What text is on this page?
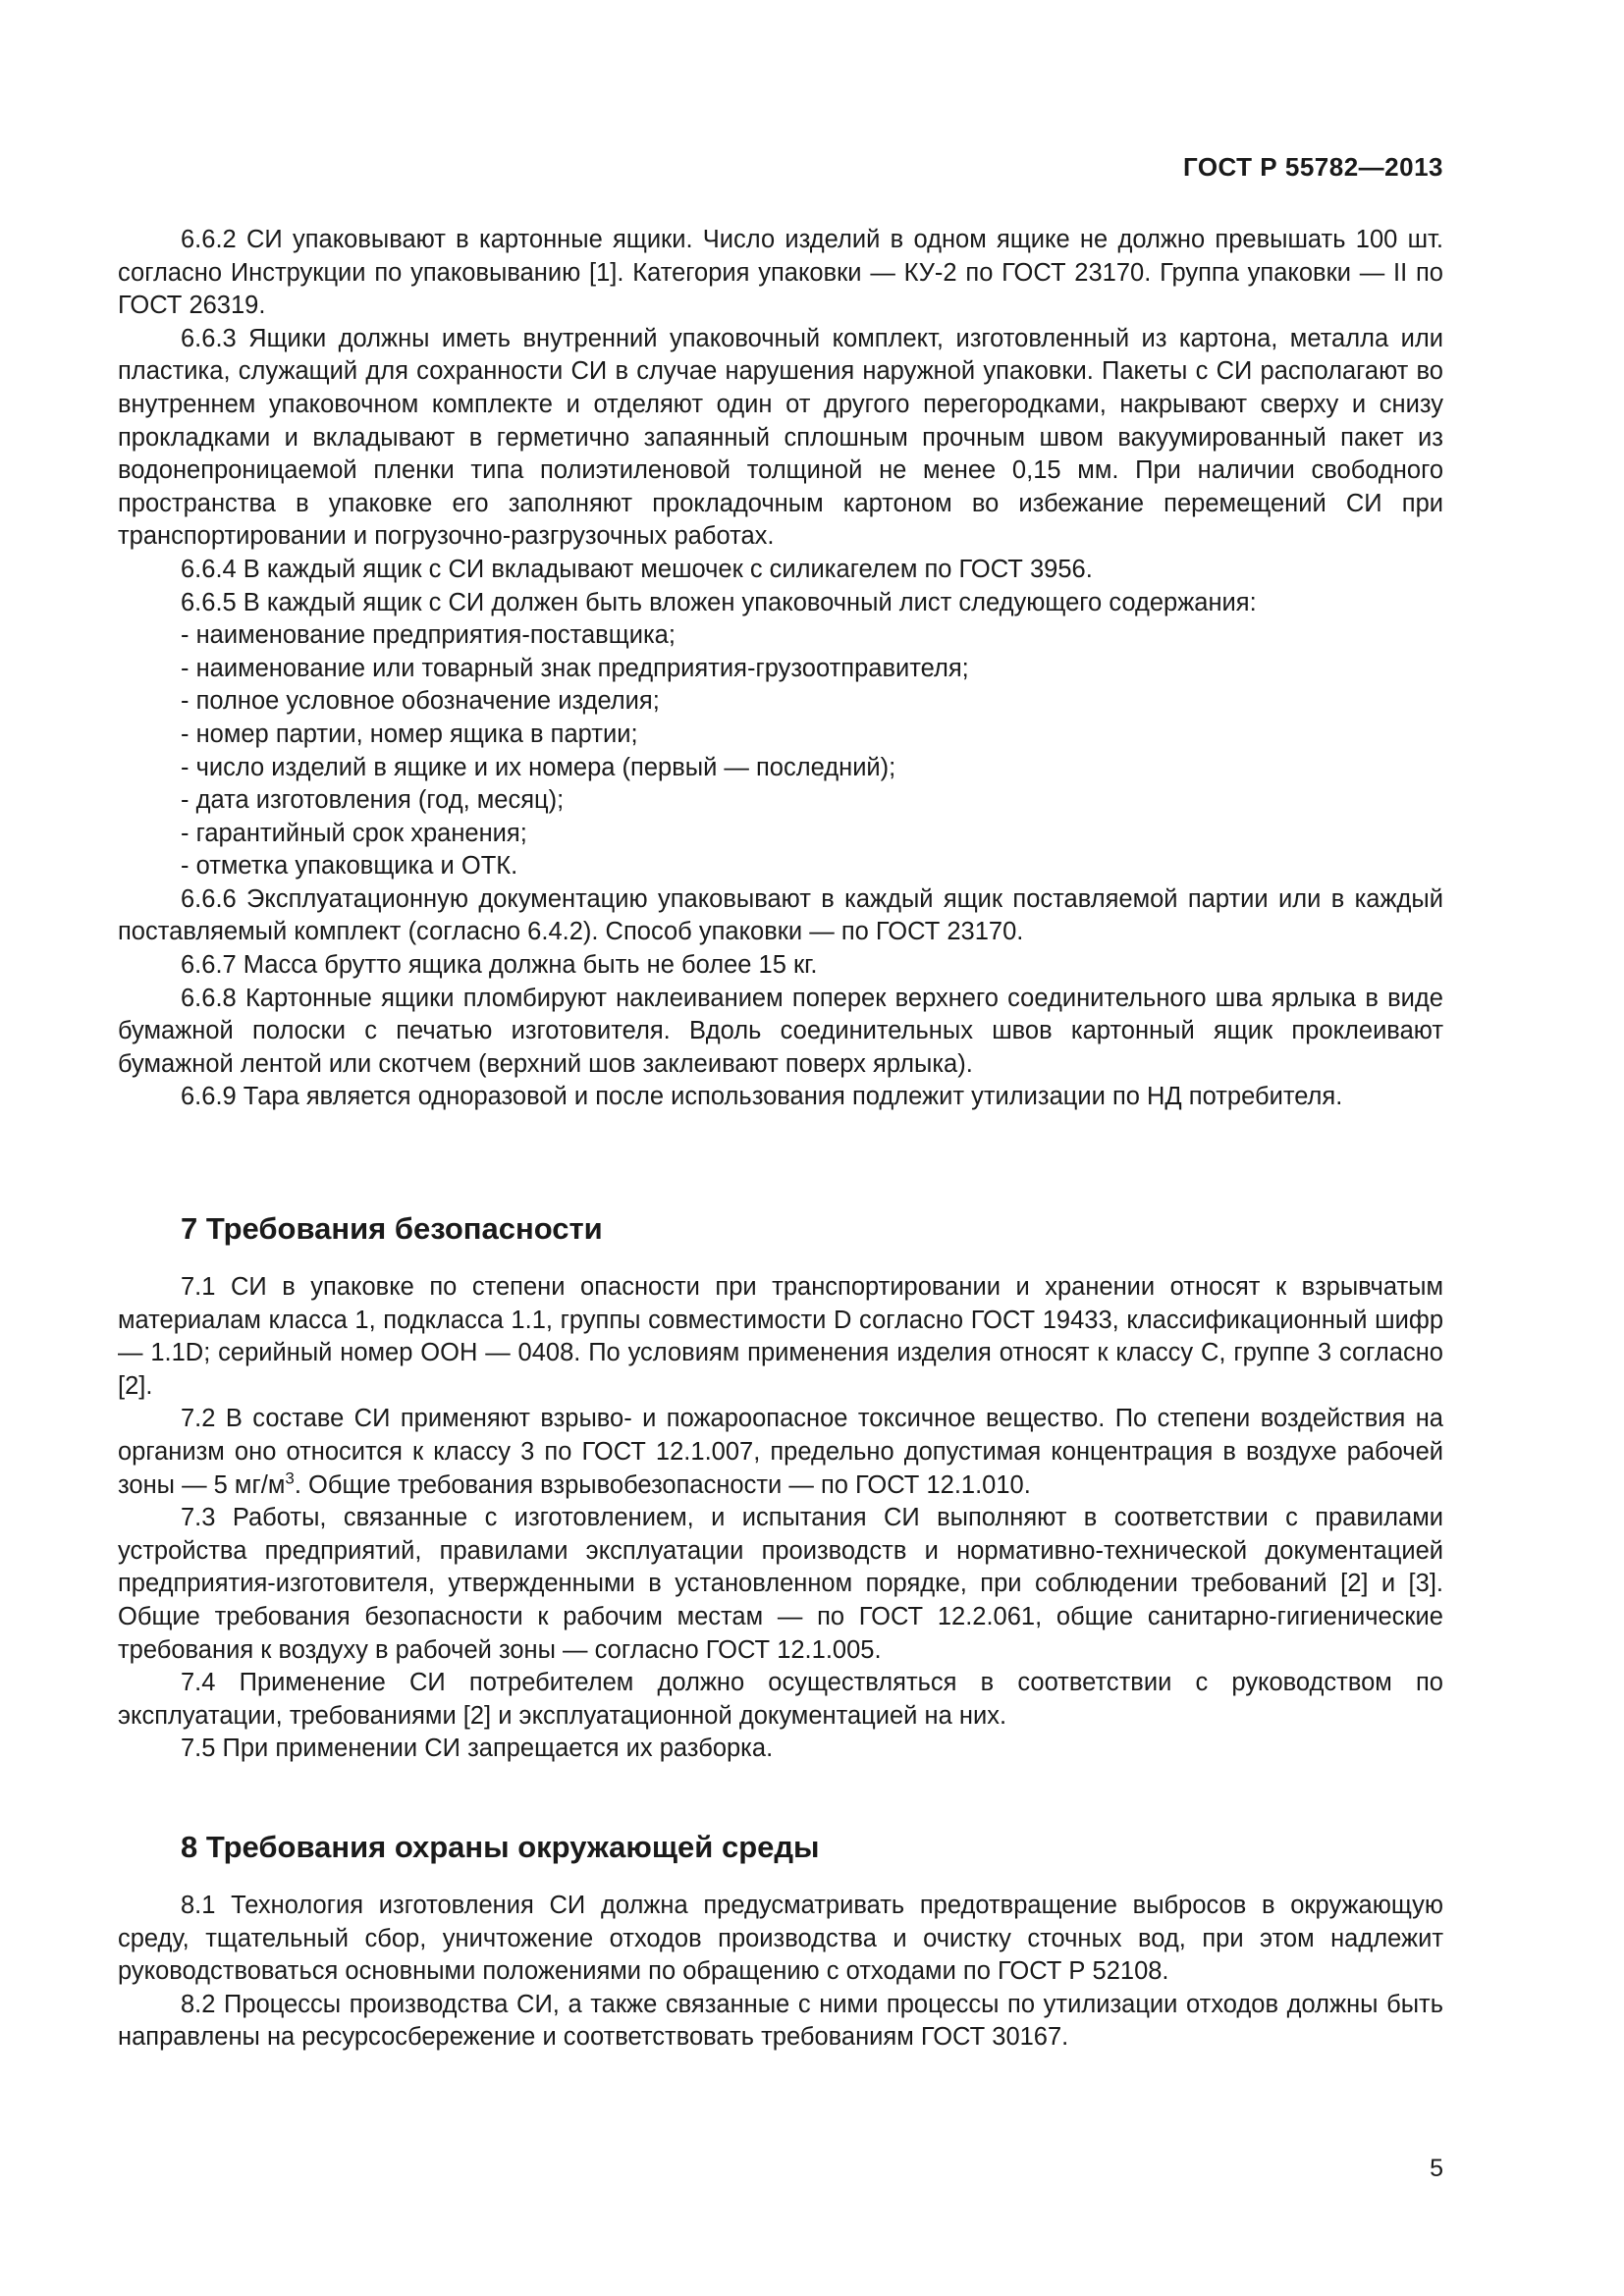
ГОСТ Р 55782—2013

6.6.2 СИ упаковывают в картонные ящики. Число изделий в одном ящике не должно превышать 100 шт. согласно Инструкции по упаковыванию [1]. Категория упаковки — КУ-2 по ГОСТ 23170. Группа упаковки — II по ГОСТ 26319.

6.6.3 Ящики должны иметь внутренний упаковочный комплект, изготовленный из картона, металла или пластика, служащий для сохранности СИ в случае нарушения наружной упаковки. Пакеты с СИ располагают во внутреннем упаковочном комплекте и отделяют один от другого перегородками, накрывают сверху и снизу прокладками и вкладывают в герметично запаянный сплошным прочным швом вакуумированный пакет из водонепроницаемой пленки типа полиэтиленовой толщиной не менее 0,15 мм. При наличии свободного пространства в упаковке его заполняют прокладочным картоном во избежание перемещений СИ при транспортировании и погрузочно-разгрузочных работах.

6.6.4 В каждый ящик с СИ вкладывают мешочек с силикагелем по ГОСТ 3956.

6.6.5 В каждый ящик с СИ должен быть вложен упаковочный лист следующего содержания:

- наименование предприятия-поставщика;

- наименование или товарный знак предприятия-грузоотправителя;

- полное условное обозначение изделия;

- номер партии, номер ящика в партии;

- число изделий в ящике и их номера (первый — последний);

- дата изготовления (год, месяц);

- гарантийный срок хранения;

- отметка упаковщика и ОТК.

6.6.6 Эксплуатационную документацию упаковывают в каждый ящик поставляемой партии или в каждый поставляемый комплект (согласно 6.4.2). Способ упаковки — по ГОСТ 23170.

6.6.7 Масса брутто ящика должна быть не более 15 кг.

6.6.8 Картонные ящики пломбируют наклеиванием поперек верхнего соединительного шва ярлыка в виде бумажной полоски с печатью изготовителя. Вдоль соединительных швов картонный ящик проклеивают бумажной лентой или скотчем (верхний шов заклеивают поверх ярлыка).

6.6.9 Тара является одноразовой и после использования подлежит утилизации по НД потребителя.

7 Требования безопасности

7.1 СИ в упаковке по степени опасности при транспортировании и хранении относят к взрывчатым материалам класса 1, подкласса 1.1, группы совместимости D согласно ГОСТ 19433, классификационный шифр — 1.1D; серийный номер ООН — 0408. По условиям применения изделия относят к классу С, группе 3 согласно [2].

7.2 В составе СИ применяют взрыво- и пожароопасное токсичное вещество. По степени воздействия на организм оно относится к классу 3 по ГОСТ 12.1.007, предельно допустимая концентрация в воздухе рабочей зоны — 5 $мг/м^3$. Общие требования взрывобезопасности — по ГОСТ 12.1.010.

7.3 Работы, связанные с изготовлением, и испытания СИ выполняют в соответствии с правилами устройства предприятий, правилами эксплуатации производств и нормативно-технической документацией предприятия-изготовителя, утвержденными в установленном порядке, при соблюдении требований [2] и [3]. Общие требования безопасности к рабочим местам — по ГОСТ 12.2.061, общие санитарно-гигиенические требования к воздуху в рабочей зоны — согласно ГОСТ 12.1.005.

7.4 Применение СИ потребителем должно осуществляться в соответствии с руководством по эксплуатации, требованиями [2] и эксплуатационной документацией на них.

7.5 При применении СИ запрещается их разборка.

8 Требования охраны окружающей среды

8.1 Технология изготовления СИ должна предусматривать предотвращение выбросов в окружающую среду, тщательный сбор, уничтожение отходов производства и очистку сточных вод, при этом надлежит руководствоваться основными положениями по обращению с отходами по ГОСТ Р 52108.

8.2 Процессы производства СИ, а также связанные с ними процессы по утилизации отходов должны быть направлены на ресурсосбережение и соответствовать требованиям ГОСТ 30167.

5
